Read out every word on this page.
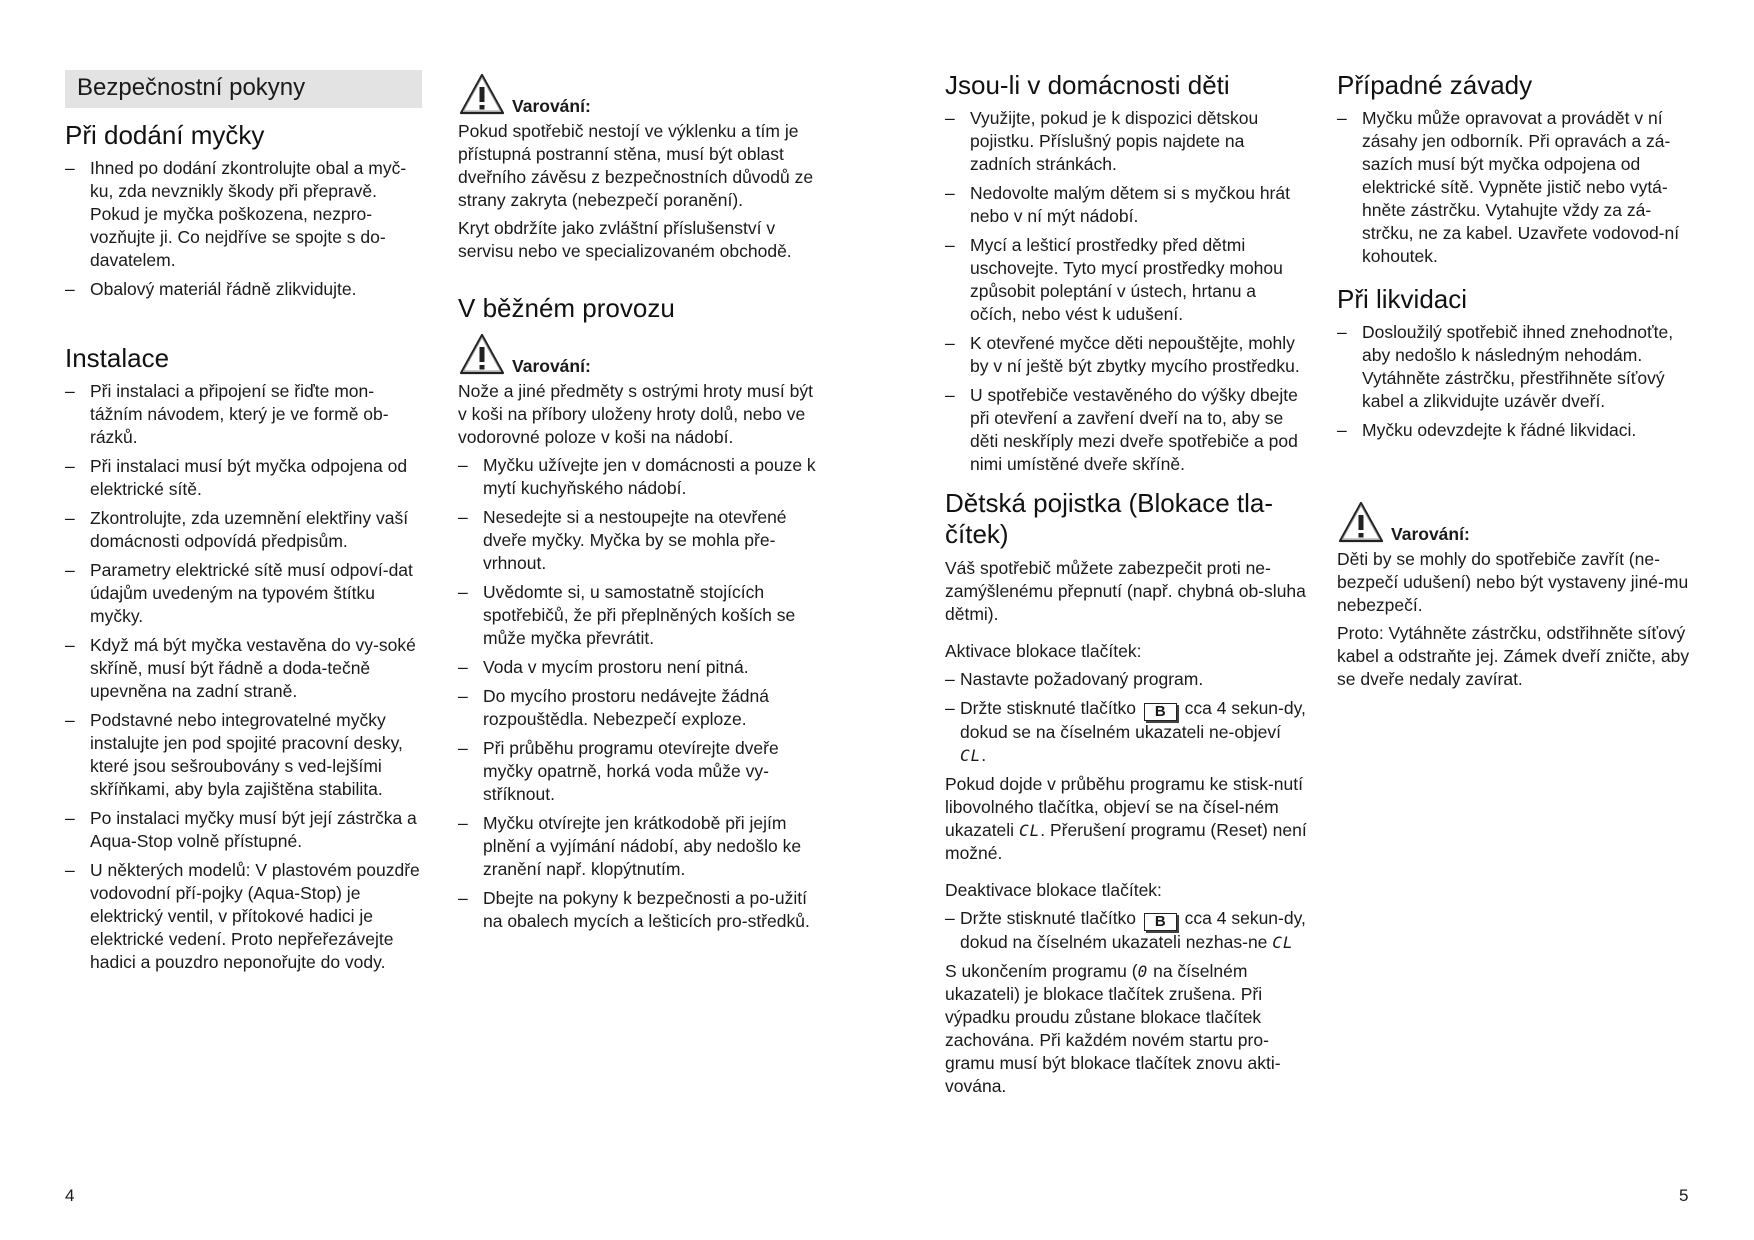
Bezpečnostní pokyny
Při dodání myčky
– Ihned po dodání zkontrolujte obal a myč-ku, zda nevznikly škody při přepravě. Pokud je myčka poškozena, nezpro-vozňujte ji. Co nejdříve se spojte s do-davatelem.
– Obalový materiál řádně zlikvidujte.
Instalace
– Při instalaci a připojení se řiďte mon-tážním návodem, který je ve formě ob-rázků.
– Při instalaci musí být myčka odpojena od elektrické sítě.
– Zkontrolujte, zda uzemnění elektřiny vaší domácnosti odpovídá předpisům.
– Parametry elektrické sítě musí odpoví-dat údajům uvedeným na typovém štítku myčky.
– Když má být myčka vestavěna do vy-soké skříně, musí být řádně a doda-tečně upevněna na zadní straně.
– Podstavné nebo integrovatelné myčky instalujte jen pod spojité pracovní desky, které jsou sešroubovány s ved-lejšími skříňkami, aby byla zajištěna stabilita.
– Po instalaci myčky musí být její zástrčka a Aqua-Stop volně přístupné.
– U některých modelů: V plastovém pouzdře vodovodní pří-pojky (Aqua-Stop) je elektrický ventil, v přítokové hadici je elektrické vedení. Proto nepřeřezávejte hadici a pouzdro neponořujte do vody.
Varování:

Pokud spotřebič nestojí ve výklenku a tím je přístupná postranní stěna, musí být oblast dveřního závěsu z bezpečnostních důvodů ze strany zakryta (nebezpečí poranění).

Kryt obdržíte jako zvláštní příslušenství v servisu nebo ve specializovaném obchodě.

V běžném provozu
Varování:

Nože a jiné předměty s ostrými hroty musí být v koši na příbory uloženy hroty dolů, nebo ve vodorovné poloze v koši na nádobí.

– Myčku užívejte jen v domácnosti a pouze k mytí kuchyňského nádobí.
– Nesedejte si a nestoupejte na otevřené dveře myčky. Myčka by se mohla pře-vrhnout.
– Uvědomte si, u samostatně stojících spotřebičů, že při přeplněných koších se může myčka převrátit.
– Voda v mycím prostoru není pitná.
– Do mycího prostoru nedávejte žádná rozpouštědla. Nebezpečí exploze.
– Při průběhu programu otevírejte dveře myčky opatrně, horká voda může vy-stříknout.
– Myčku otvírejte jen krátkodobě při jejím plnění a vyjímání nádobí, aby nedošlo ke zranění např. klopýtnutím.
– Dbejte na pokyny k bezpečnosti a po-užití na obalech mycích a lešticích pro-středků.
Jsou-li v domácnosti děti
– Využijte, pokud je k dispozici dětskou pojistku. Příslušný popis najdete na zadních stránkách.
– Nedovolte malým dětem si s myčkou hrát nebo v ní mýt nádobí.
– Mycí a lešticí prostředky před dětmi uschovejte. Tyto mycí prostředky mohou způsobit poleptání v ústech, hrtanu a očích, nebo vést k udušení.
– K otevřené myčce děti nepouštějte, mohly by v ní ještě být zbytky mycího prostředku.
– U spotřebiče vestavěného do výšky dbejte při otevření a zavření dveří na to, aby se děti neskříply mezi dveře spotřebiče a pod nimi umístěné dveře skříně.
Dětská pojistka (Blokace tla-čítek)

Váš spotřebič můžete zabezpečit proti ne-zamýšlenému přepnutí (např. chybná ob-sluha dětmi).

Aktivace blokace tlačítek:

– Nastavte požadovaný program.
– Držte stisknuté tlačítko B cca 4 sekun-dy, dokud se na číselném ukazateli ne-objeví CL.

Pokud dojde v průběhu programu ke stisk-nutí libovolného tlačítka, objeví se na čísel-ném ukazateli CL. Přerušení programu (Reset) není možné.

Deaktivace blokace tlačítek:

– Držte stisknuté tlačítko B cca 4 sekun-dy, dokud na číselném ukazateli nezhas-ne CL

S ukončením programu (0 na číselném ukazateli) je blokace tlačítek zrušena. Při výpadku proudu zůstane blokace tlačítek zachována. Při každém novém startu pro-gramu musí být blokace tlačítek znovu akti-vována.

Případné závady
– Myčku může opravovat a provádět v ní zásahy jen odborník. Při opravách a zá-sazích musí být myčka odpojena od elektrické sítě. Vypněte jistič nebo vytá-hněte zástrčku. Vytahujte vždy za zá-strčku, ne za kabel. Uzavřete vodovod-ní kohoutek.
Při likvidaci
– Dosloužilý spotřebič ihned znehodnoťte, aby nedošlo k následným nehodám. Vytáhněte zástrčku, přestřihněte síťový kabel a zlikvidujte uzávěr dveří.
– Myčku odevzdejte k řádné likvidaci.
Varování:

Děti by se mohly do spotřebiče zavřít (ne-bezpečí udušení) nebo být vystaveny jiné-mu nebezpečí.

Proto: Vytáhněte zástrčku, odstřihněte síťový kabel a odstraňte jej. Zámek dveří zničte, aby se dveře nedaly zavírat.

4	5
